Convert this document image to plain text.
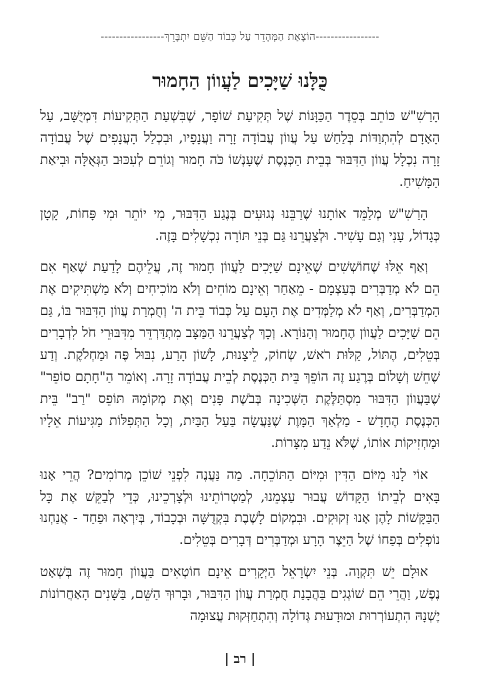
-----------------הוֹצָאַת הַמְּהָדֵר עַל כְּבוֹד הַשֵּׁם יִתְבָּרֵךְ-----------------
כֻּלָּנוּ שַׁיָּכִים לַעֲווֹן הַחָמוּר

הָרַשִׁ"שׁ כּוֹתֵב בְּסֵדֶר הַכַּוָּנוֹת שֶׁל תְּקִיעַת שׁוֹפָר, שֶׁבִּשְׁעַת הַתְּקִיעוֹת דִּמְיֻשָּׁב, עַל הָאָדָם לְהִתְוַדּוֹת בְּלַחַשׁ עַל עֲווֹן עֲבוֹדָה זָרָה וַעֲנָפָיו, וּבִכְלַל הָעֲנָפִים שֶׁל עֲבוֹדָה זָרָה נִכְלָל עֲווֹן הַדִּבּוּר בְּבֵית הַכְּנֶסֶת שֶׁעָנְשׁוֹ כֹּה חָמוּר וְגוֹרֵם לְעִכּוּב הַגְּאֻלָּה וּבִיאַת הַמָּשִׁיחַ.

הָרַשִׁ"שׁ מְלַמֵּד אוֹתָנוּ שֶׁרַבֵּנוּ נְגוּעִים בְּנֶגַע הַדִּבּוּר, מִי יוֹתֵר וּמִי פָּחוֹת, קָטָן כְּגָדוֹל, עָנִי וְגַם עָשִׁיר. וּלְצַעֲרֵנוּ גַּם בְּנֵי תּוֹרָה נִכְשָׁלִים בָּזֶה.

וְאַף אֵלּוּ שֶׁחוֹשְׁשִׁים שֶׁאֵינָם שַׁיָּכִים לַעֲווֹן חָמוּר זֶה, עֲלֵיהֶם לָדַעַת שֶׁאַף אִם הֵם לֹא מְדַבְּרִים בְּעַצְמָם - מֵאַחַר וְאֵינָם מוֹחִים וְלֹא מוֹכִיחִים וְלֹא מַשְׁתִּיקִים אֶת הַמְדַבְּרִים, וְאַף לֹא מְלַמְּדִים אֶת הָעָם עַל כְּבוֹד בֵּית ה' וְחֻמְרַת עֲווֹן הַדִּבּוּר בּוֹ, גַּם הֵם שַׁיָּכִים לַעֲווֹן הֶחָמוּר וְהַנּוֹרָא. וְכָךְ לְצַעֲרֵנוּ הַמַּצָּב מִתְדַּרְדֵּר מִדִּבּוּרֵי חֹל לִדְבָרִים בְּטֵלִים, הֶתּוֹל, קַלּוּת רֹאשׁ, שְׂחוֹק, לֵיצָנוּת, לָשׁוֹן הָרַע, נִבּוּל פֶּה וּמַחְלֹקֶת. וְדַע שֶׁחֵשׁ וְשָׁלוֹם בְּרֶגַע זֶה הוֹפֵךְ בֵּית הַכְּנֶסֶת לְבֵית עֲבוֹדָה זָרָה. וְאוֹמֵר הַ"חָתָם סוֹפֵר" שֶׁבַּעֲווֹן הַדִּבּוּר מִסְתַּלֶּקֶת הַשְּׁכִינָה בְּבֹשֶׁת פָּנִים וְאֶת מְקוֹמָהּ תּוֹפֵס "רַב" בֵּית הַכְּנֶסֶת הֶחָדָשׁ - מַלְאַךְ הַמָּוֶת שֶׁנַּעֲשָׂה בַּעַל הַבַּיִת, וְכָל הַתְּפִלּוֹת מַגִּיעוֹת אֵלָיו וּמַחְזִיקוֹת אוֹתוֹ, שֶׁלֹּא נֵדַע מִצָּרוֹת.

אוֹי לָנוּ מִיּוֹם הַדִּין וּמִיּוֹם הַתּוֹכֵחָה. מַה נַּעֲנֶה לִפְנֵי שׁוֹכֵן מְרוֹמִים? הֲרֵי אָנוּ בָּאִים לְבֵיתוֹ הַקָּדוֹשׁ עֲבוּר עַצְמֵנוּ, לְמַטְרוֹתֵינוּ וּלְצָרְכֵינוּ, כְּדֵי לְבַקֵּשׁ אֶת כָּל הַבַּקָּשׁוֹת לָהֶן אָנוּ זְקוּקִים. וּבִמְקוֹם לָשֶׁבֶת בִּקְדֻשָּׁה וּבְכָבוֹד, בְּיִרְאָה וּפַחַד - אֲנַחְנוּ נוֹפְלִים בְּפַחוֹ שֶׁל הַיֵּצֶר הָרָע וּמְדַבְּרִים דְּבָרִים בְּטֵלִים.

אוּלָם יֵשׁ תִּקְוָה. בְּנֵי יִשְׂרָאֵל הַיְּקָרִים אֵינָם חוֹטְאִים בַּעֲווֹן חָמוּר זֶה בְּשְׁאָט נֶפֶשׁ, וַהֲרֵי הֵם שׁוֹגְגִים בַּהֲבָנַת חֻמְרַת עֲווֹן הַדִּבּוּר, וּבָרוּךְ הַשֵּׁם, בַּשָּׁנִים הָאַחֲרוֹנוֹת יֶשְׁנָהּ הִתְעוֹרְרוּת וּמוּדָעוּת גְּדוֹלָה וְהִתְחַזְּקוּת עֲצוּמָה

| רב |
